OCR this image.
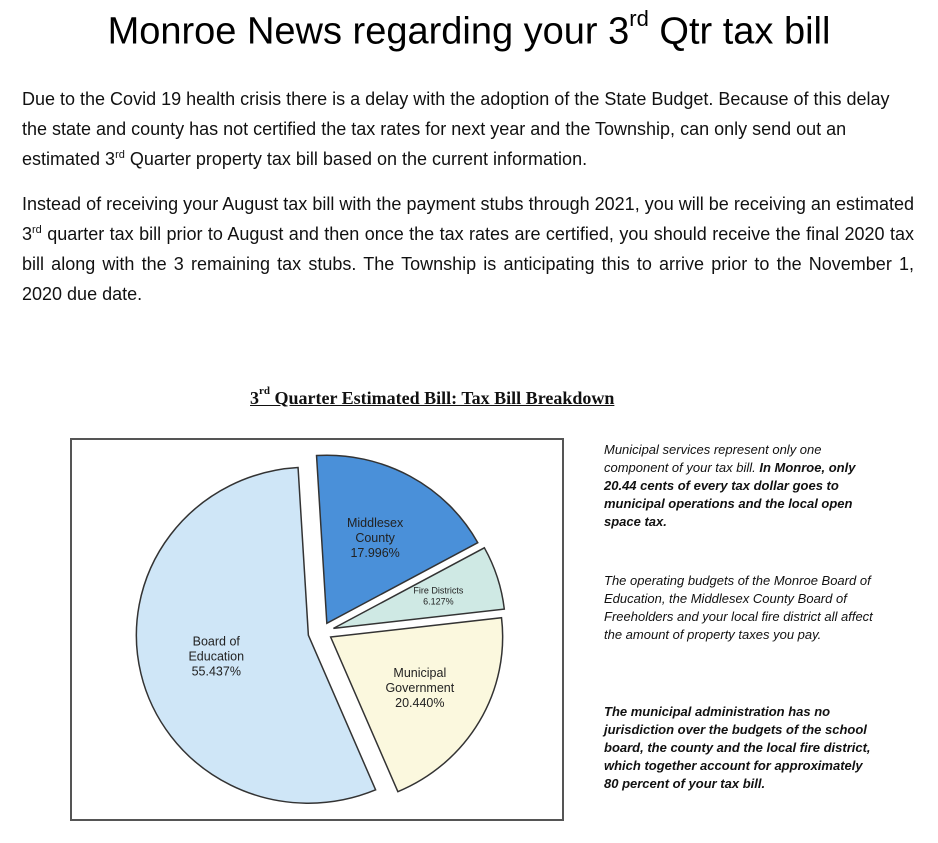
Monroe News regarding your 3rd Qtr tax bill
Due to the Covid 19 health crisis there is a delay with the adoption of the State Budget. Because of this delay the state and county has not certified the tax rates for next year and the Township, can only send out an estimated 3rd Quarter property tax bill based on the current information.
Instead of receiving your August tax bill with the payment stubs through 2021, you will be receiving an estimated 3rd quarter tax bill prior to August and then once the tax rates are certified, you should receive the final 2020 tax bill along with the 3 remaining tax stubs. The Township is anticipating this to arrive prior to the November 1, 2020 due date.
3rd Quarter Estimated Bill: Tax Bill Breakdown
Middlesex County 17.996%
Fire Districts 6.127%
Municipal Government 20.440%
Board of Education 55.437%
Municipal services represent only one component of your tax bill. In Monroe, only 20.44 cents of every tax dollar goes to municipal operations and the local open space tax.
The operating budgets of the Monroe Board of Education, the Middlesex County Board of Freeholders and your local fire district all affect the amount of property taxes you pay.
The municipal administration has no jurisdiction over the budgets of the school board, the county and the local fire district, which together account for approximately 80 percent of your tax bill.
